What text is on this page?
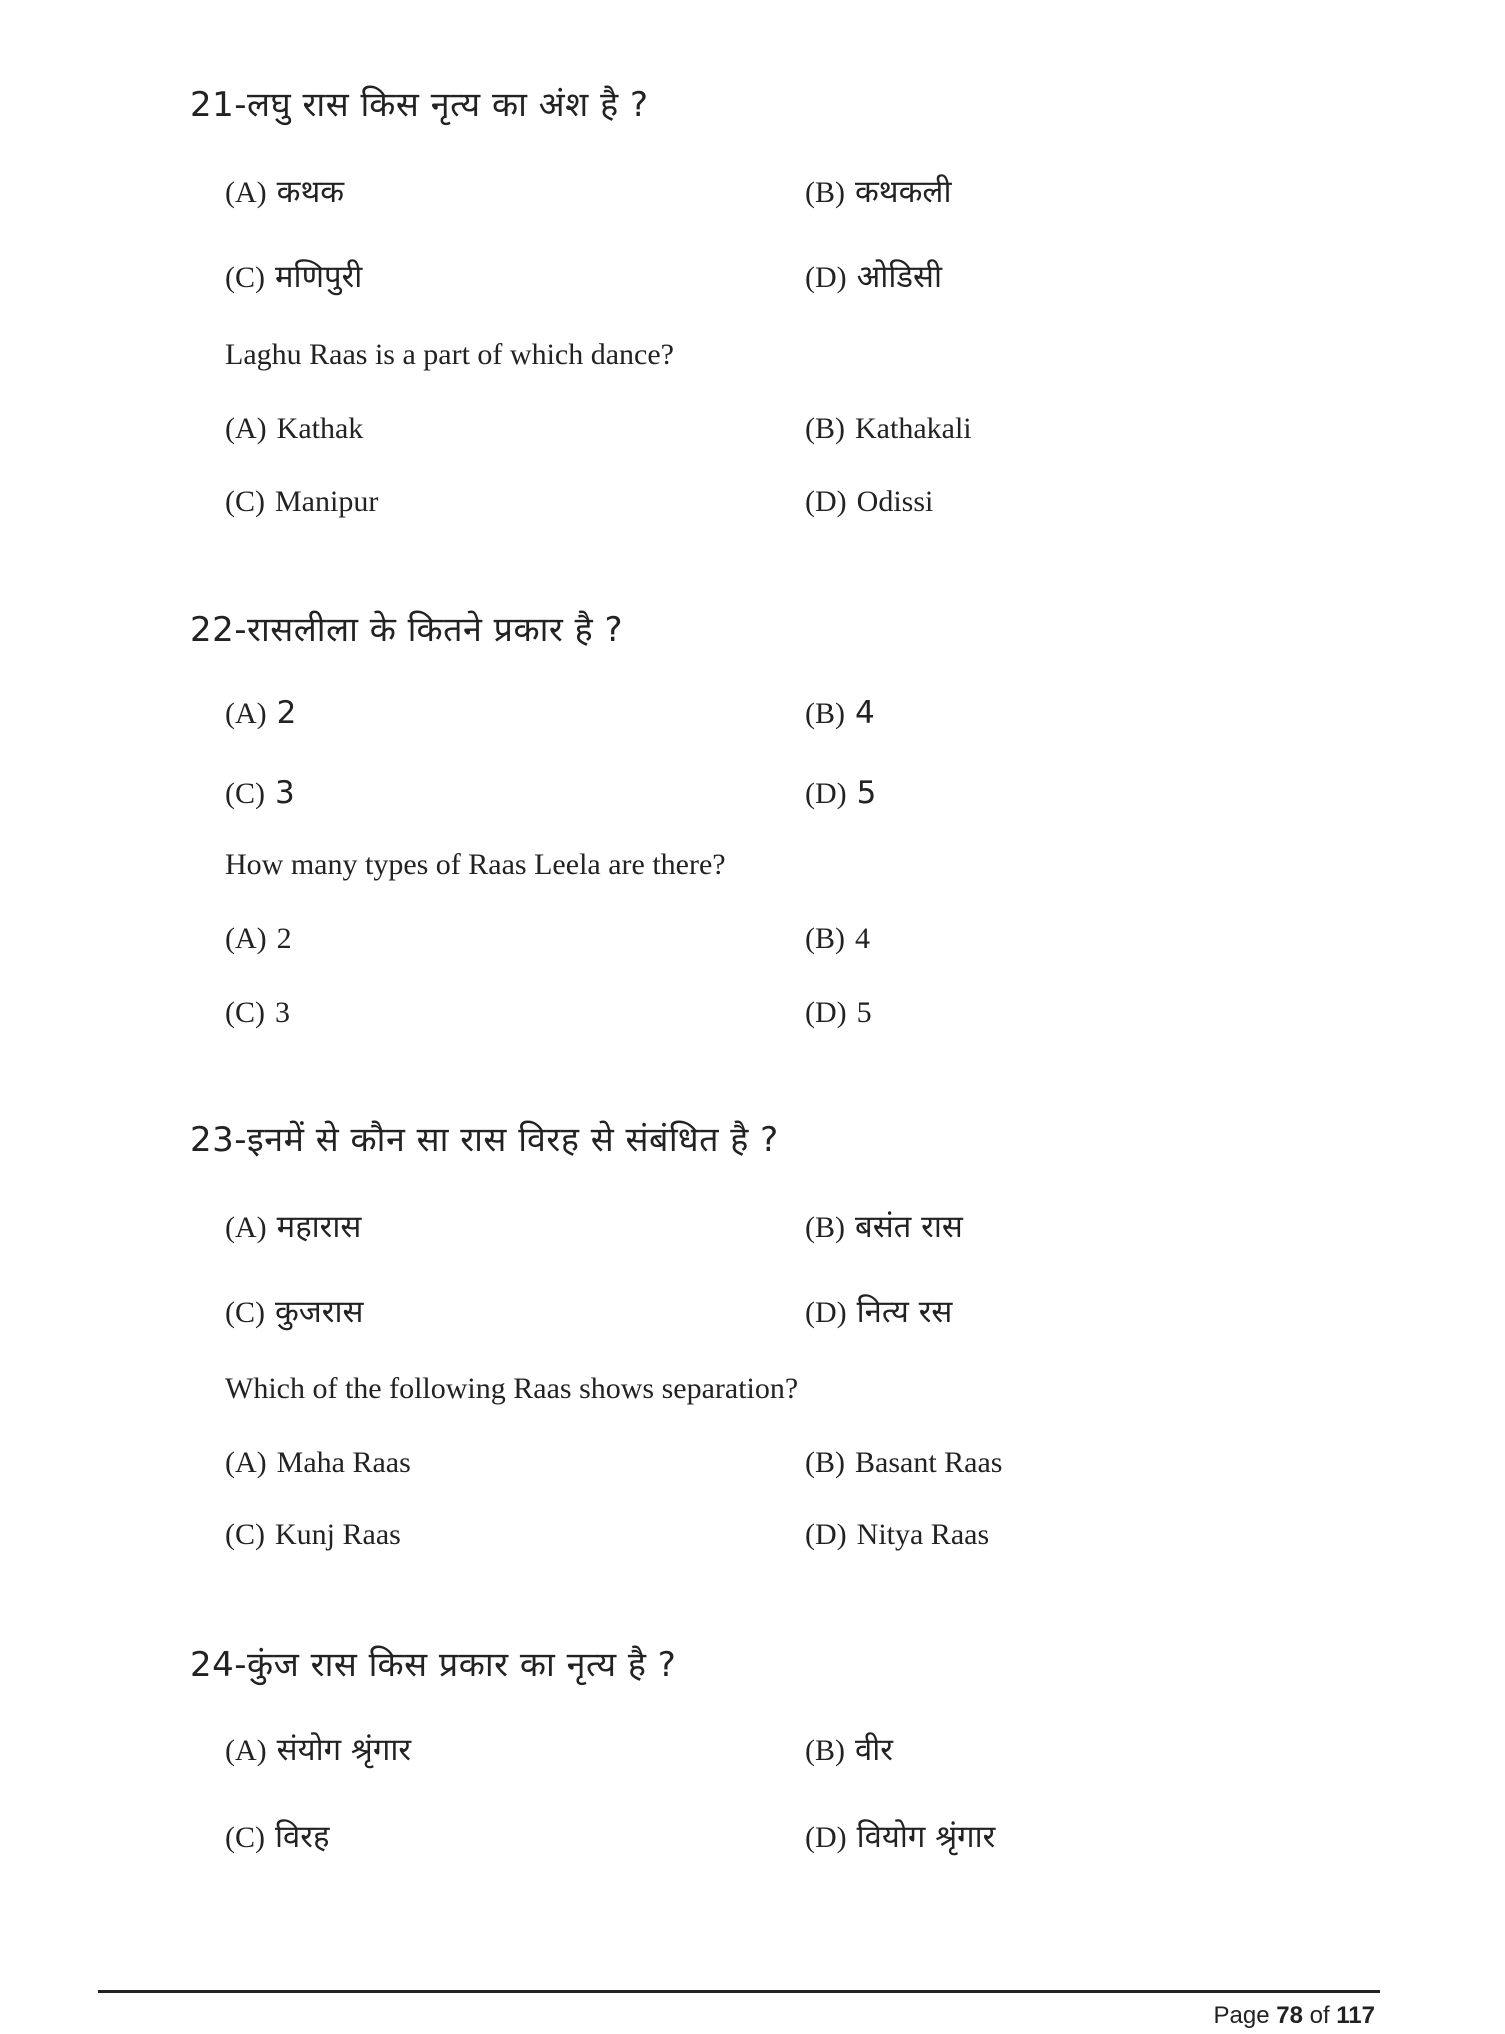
21-लघु रास किस नृत्य का अंश है ?
(A) कथक	(B) कथकली
(C) मणिपुरी	(D) ओडिसी
Laghu Raas is a part of which dance?
(A) Kathak	(B) Kathakali
(C) Manipur	(D) Odissi
22-रासलीला के कितने प्रकार है ?
(A) 2	(B) 4
(C) 3	(D) 5
How many types of Raas Leela are there?
(A) 2	(B) 4
(C) 3	(D) 5
23-इनमें से कौन सा रास विरह से संबंधित है ?
(A) महारास	(B) बसंत रास
(C) कुजरास	(D) नित्य रस
Which of the following Raas shows separation?
(A) Maha Raas	(B) Basant Raas
(C) Kunj Raas	(D) Nitya Raas
24-कुंज रास किस प्रकार का नृत्य है ?
(A) संयोग श्रृंगार	(B) वीर
(C) विरह	(D) वियोग श्रृंगार
Page 78 of 117
